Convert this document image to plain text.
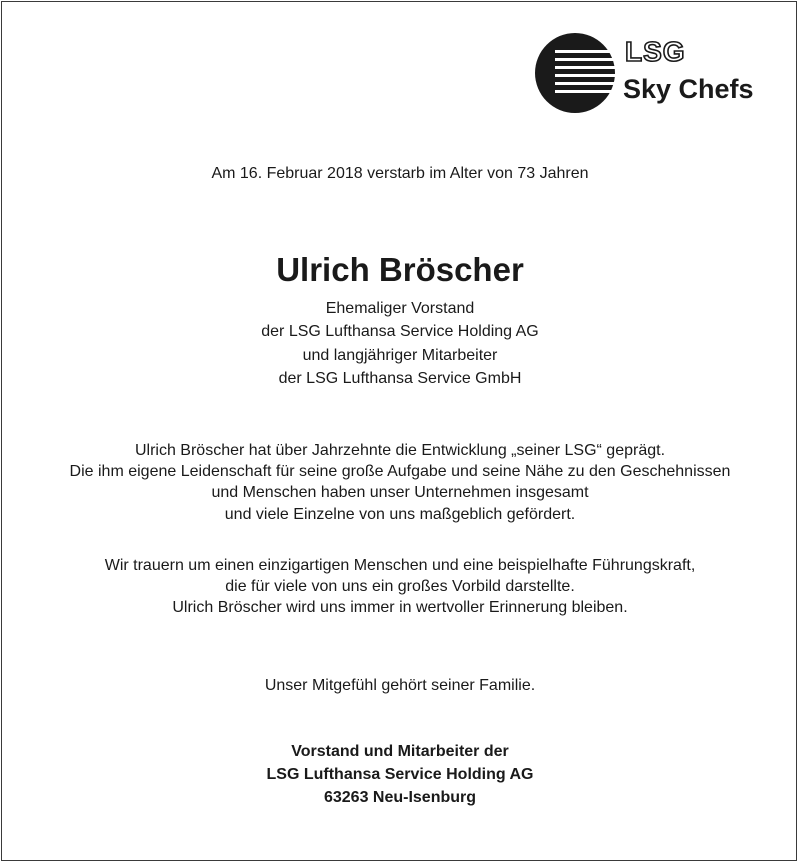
LSG
Sky Chefs
Am 16. Februar 2018 verstarb im Alter von 73 Jahren
Ulrich Bröscher
Ehemaliger Vorstand
der LSG Lufthansa Service Holding AG
und langjähriger Mitarbeiter
der LSG Lufthansa Service GmbH
Ulrich Bröscher hat über Jahrzehnte die Entwicklung „seiner LSG“ geprägt.
Die ihm eigene Leidenschaft für seine große Aufgabe und seine Nähe zu den Geschehnissen
und Menschen haben unser Unternehmen insgesamt
und viele Einzelne von uns maßgeblich gefördert.
Wir trauern um einen einzigartigen Menschen und eine beispielhafte Führungskraft,
die für viele von uns ein großes Vorbild darstellte.
Ulrich Bröscher wird uns immer in wertvoller Erinnerung bleiben.
Unser Mitgefühl gehört seiner Familie.
Vorstand und Mitarbeiter der
LSG Lufthansa Service Holding AG
63263 Neu-Isenburg
